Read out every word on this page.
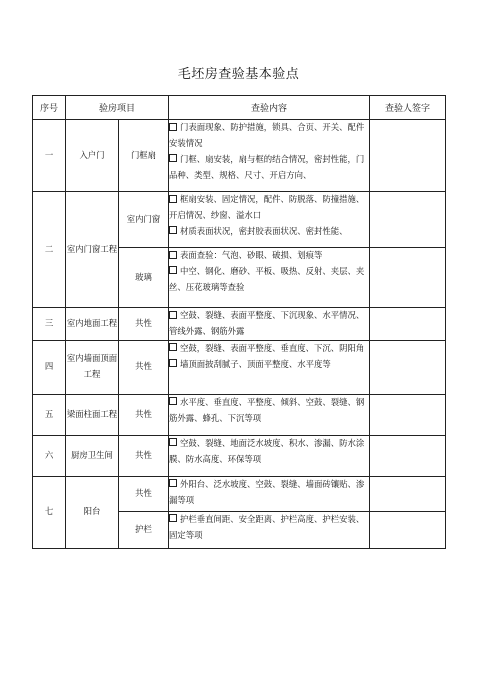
毛坯房查验基本验点
序号	验房项目		查验内容	查验人签字
一	入户门	门框扇	门表面现象、防护措施，锁具、合页、开关、配件安装情况
门框、扇安装，扇与框的结合情况，密封性能，门品种、类型、规格、尺寸、开启方向、	

二	室内门窗工程	室内门窗	框扇安装、固定情况，配件、防脱落、防撞措施、开启情况、纱窗、溢水口
材质表面状况，密封胶表面状况、密封性能、	

		玻璃	表面查验：气泡、砂眼、破损、划痕等
中空、钢化、磨砂、平板、吸热、反射、夹层、夹丝、压花玻璃等查验	

三	室内地面工程	共性	空鼓、裂缝、表面平整度、下沉现象、水平情况、管线外露、钢筋外露	

四	室内墙面顶面工程	共性	空鼓，裂缝、表面平整度、垂直度、下沉、阴阳角
墙顶面披刮腻子、顶面平整度、水平度等	

五	梁面柱面工程	共性	水平度、垂直度、平整度、倾斜、空鼓、裂缝、钢筋外露、蜂孔、下沉等项	

六	厨房卫生间	共性	空鼓、裂缝、地面泛水坡度、积水、渗漏、防水涂膜、防水高度、环保等项	

七	阳台	共性	外阳台、泛水坡度、空鼓、裂缝、墙面砖镶贴、渗漏等项	

		护栏	护栏垂直间距、安全距离、护栏高度、护栏安装、固定等项	
